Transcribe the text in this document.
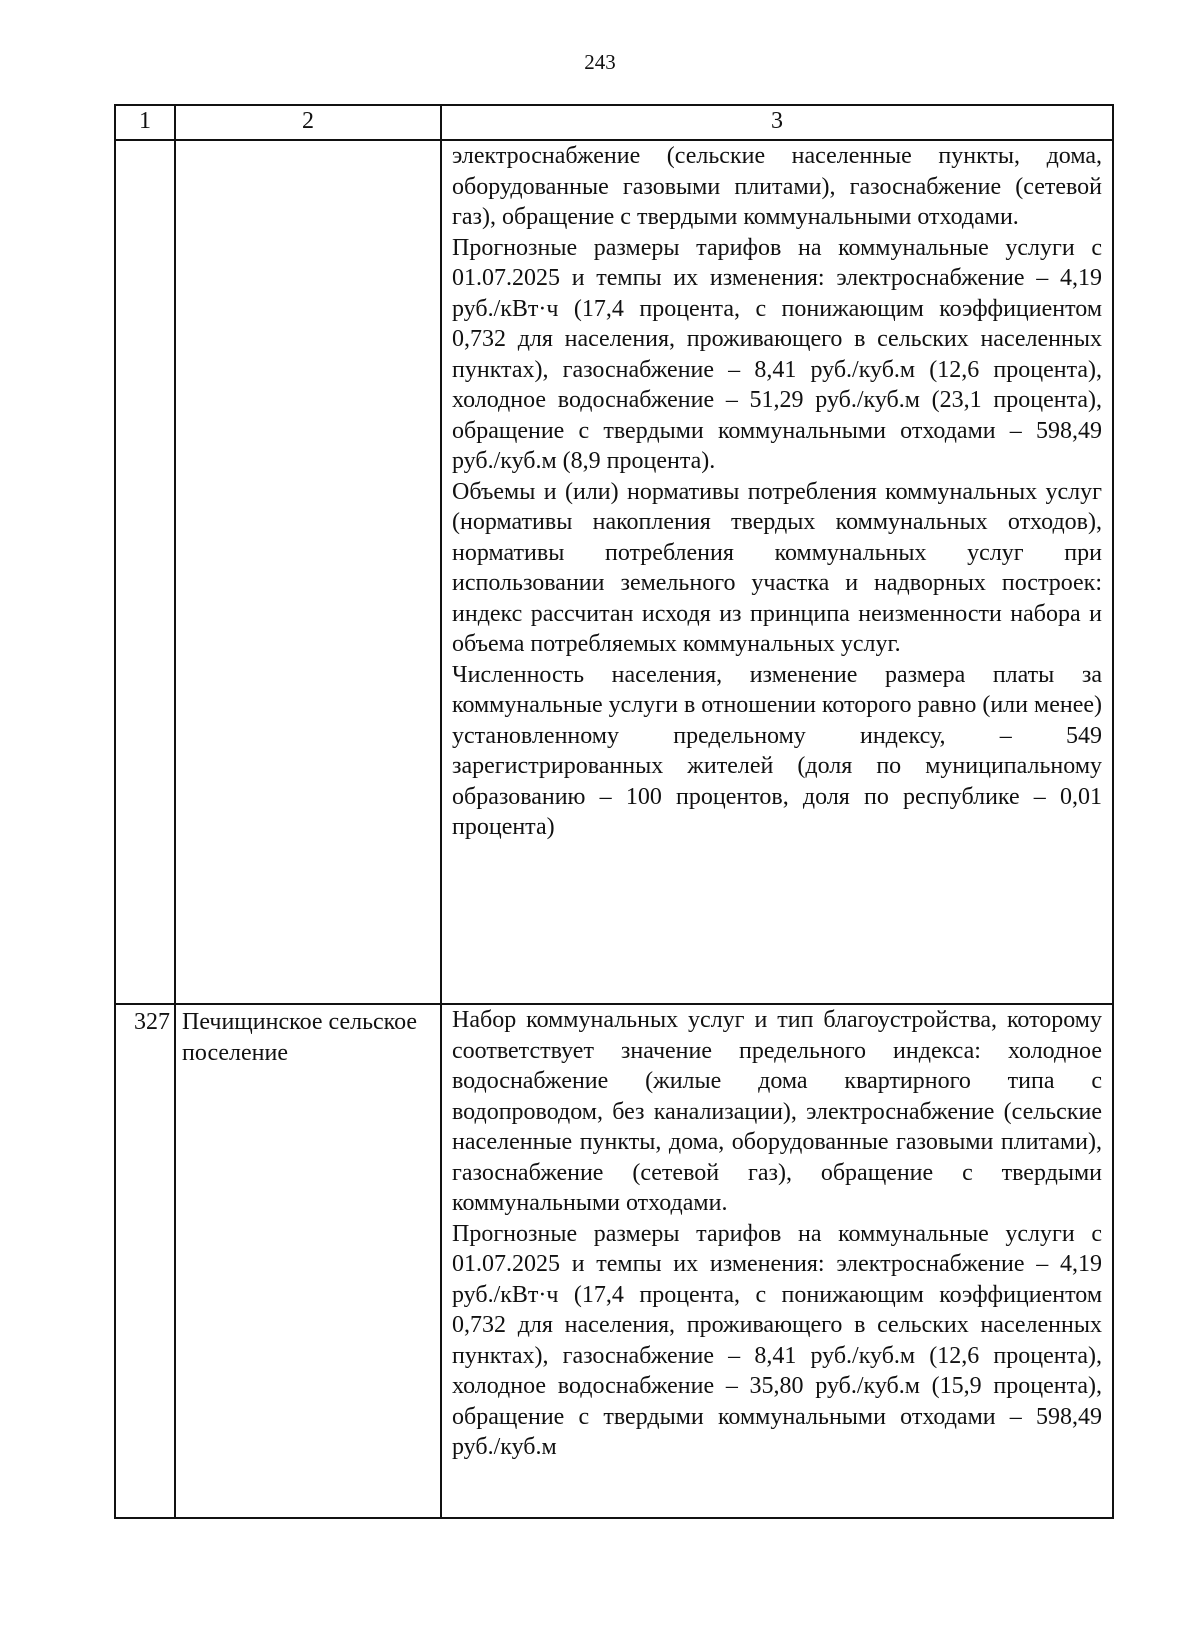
243
1	2	3

электроснабжение (сельские населенные пункты, дома, оборудованные газовыми плитами), газоснабжение (сетевой газ), обращение с твердыми коммунальными отходами.

Прогнозные размеры тарифов на коммунальные услуги с 01.07.2025 и темпы их изменения: электроснабжение – 4,19 руб./кВт·ч (17,4 процента, с понижающим коэффициентом 0,732 для населения, проживающего в сельских населенных пунктах), газоснабжение – 8,41 руб./куб.м (12,6 процента), холодное водоснабжение – 51,29 руб./куб.м (23,1 процента), обращение с твердыми коммунальными отходами – 598,49 руб./куб.м (8,9 процента).

Объемы и (или) нормативы потребления коммунальных услуг (нормативы накопления твердых коммунальных отходов), нормативы потребления коммунальных услуг при использовании земельного участка и надворных построек: индекс рассчитан исходя из принципа неизменности набора и объема потребляемых коммунальных услуг.

Численность населения, изменение размера платы за коммунальные услуги в отношении которого равно (или менее) установленному предельному индексу, – 549 зарегистрированных жителей (доля по муниципальному образованию – 100 процентов, доля по республике – 0,01 процента)

327 Печищинское сельское поселение

Набор коммунальных услуг и тип благоустройства, которому соответствует значение предельного индекса: холодное водоснабжение (жилые дома квартирного типа с водопроводом, без канализации), электроснабжение (сельские населенные пункты, дома, оборудованные газовыми плитами), газоснабжение (сетевой газ), обращение с твердыми коммунальными отходами.

Прогнозные размеры тарифов на коммунальные услуги с 01.07.2025 и темпы их изменения: электроснабжение – 4,19 руб./кВт·ч (17,4 процента, с понижающим коэффициентом 0,732 для населения, проживающего в сельских населенных пунктах), газоснабжение – 8,41 руб./куб.м (12,6 процента), холодное водоснабжение – 35,80 руб./куб.м (15,9 процента), обращение с твердыми коммунальными отходами – 598,49 руб./куб.м
